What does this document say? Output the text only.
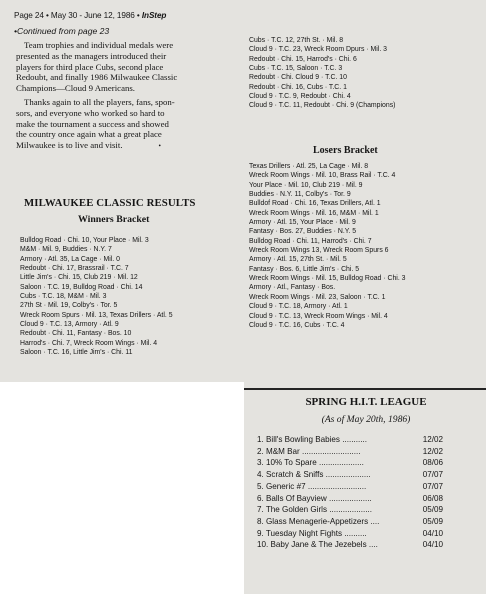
Page 24 • May 30 - June 12, 1986 • InStep
•Continued from page 23

Team trophies and individual medals were
presented as the managers introduced their
players for third place Cubs, second place
Redoubt, and finally 1986 Milwaukee Classic
Champions—Cloud 9 Americans.

Thanks again to all the players, fans, spon-
sors, and everyone who worked so hard to
make the tournament a success and showed
the country once again what a great place
Milwaukee is to live and visit.	•

MILWAUKEE CLASSIC RESULTS
Winners Bracket
Bulldog Road · Chi. 10, Your Place · Mil. 3
M&M · Mil. 9, Buddies · N.Y. 7
Armory · Atl. 35, La Cage · Mil. 0
Redoubt · Chi. 17, Brassrail · T.C. 7
Little Jim's · Chi. 15, Club 219 · Mil. 12
Saloon · T.C. 19, Bulldog Road · Chi. 14
Cubs · T.C. 18, M&M · Mil. 3
27th St · Mil. 19, Colby's · Tor. 5
Wreck Room Spurs · Mil. 13, Texas Drillers · Atl. 5
Cloud 9 · T.C. 13, Armory · Atl. 9
Redoubt · Chi. 11, Fantasy · Bos. 10
Harrod's · Chi. 7, Wreck Room Wings · Mil. 4
Saloon · T.C. 16, Little Jim's · Chi. 11
Cubs · T.C. 12, 27th St. · Mil. 8
Cloud 9 · T.C. 23, Wreck Room Dpurs · Mil. 3
Redoubt · Chi. 15, Harrod's · Chi. 6
Cubs · T.C. 15, Saloon · T.C. 3
Redoubt · Chi. Cloud 9 · T.C. 10
Redoubt · Chi. 16, Cubs · T.C. 1
Cloud 9 · T.C. 9, Redoubt · Chi. 4
Cloud 9 · T.C. 11, Redoubt · Chi. 9 (Champions)
Losers Bracket
Texas Drillers · Atl. 25, La Cage · Mil. 8
Wreck Room Wings · Mil. 10, Brass Rail · T.C. 4
Your Place · Mil. 10, Club 219 · Mil. 9
Buddies · N.Y. 11, Colby's · Tor. 9
Bulldof Road · Chi. 16, Texas Drillers, Atl. 1
Wreck Room Wings · Mil. 16, M&M · Mil. 1
Armory · Atl. 15, Your Place · Mil. 9
Fantasy · Bos. 27, Buddies · N.Y. 5
Bulldog Road · Chi. 11, Harrod's · Chi. 7
Wreck Room Wings 13, Wreck Room Spurs 6
Armory · Atl. 15, 27th St. · Mil. 5
Fantasy · Bos. 6, Little Jim's · Chi. 5
Wreck Room Wings · Mil. 15, Bulldog Road · Chi. 3
Armory · Atl., Fantasy · Bos.
Wreck Room Wings · Mil. 23, Saloon · T.C. 1
Cloud 9 · T.C. 18, Armory · Atl. 1
Cloud 9 · T.C. 13, Wreck Room Wings · Mil. 4
Cloud 9 · T.C. 16, Cubs · T.C. 4
SPRING H.I.T. LEAGUE
(As of May 20th, 1986)
1. Bill's Bowling Babies ...........	12/02
2. M&M Bar ..........................	12/02
3. 10% To Spare ....................	08/06
4. Scratch & Sniffs ....................	07/07
5. Generic #7 ..........................	07/07
6. Balls Of Bayview ...................	06/08
7. The Golden Girls ...................	05/09
8. Glass Menagerie-Appetizers ....	05/09
9. Tuesday Night Fights ..........	04/10
10. Baby Jane & The Jezebels ....	04/10
